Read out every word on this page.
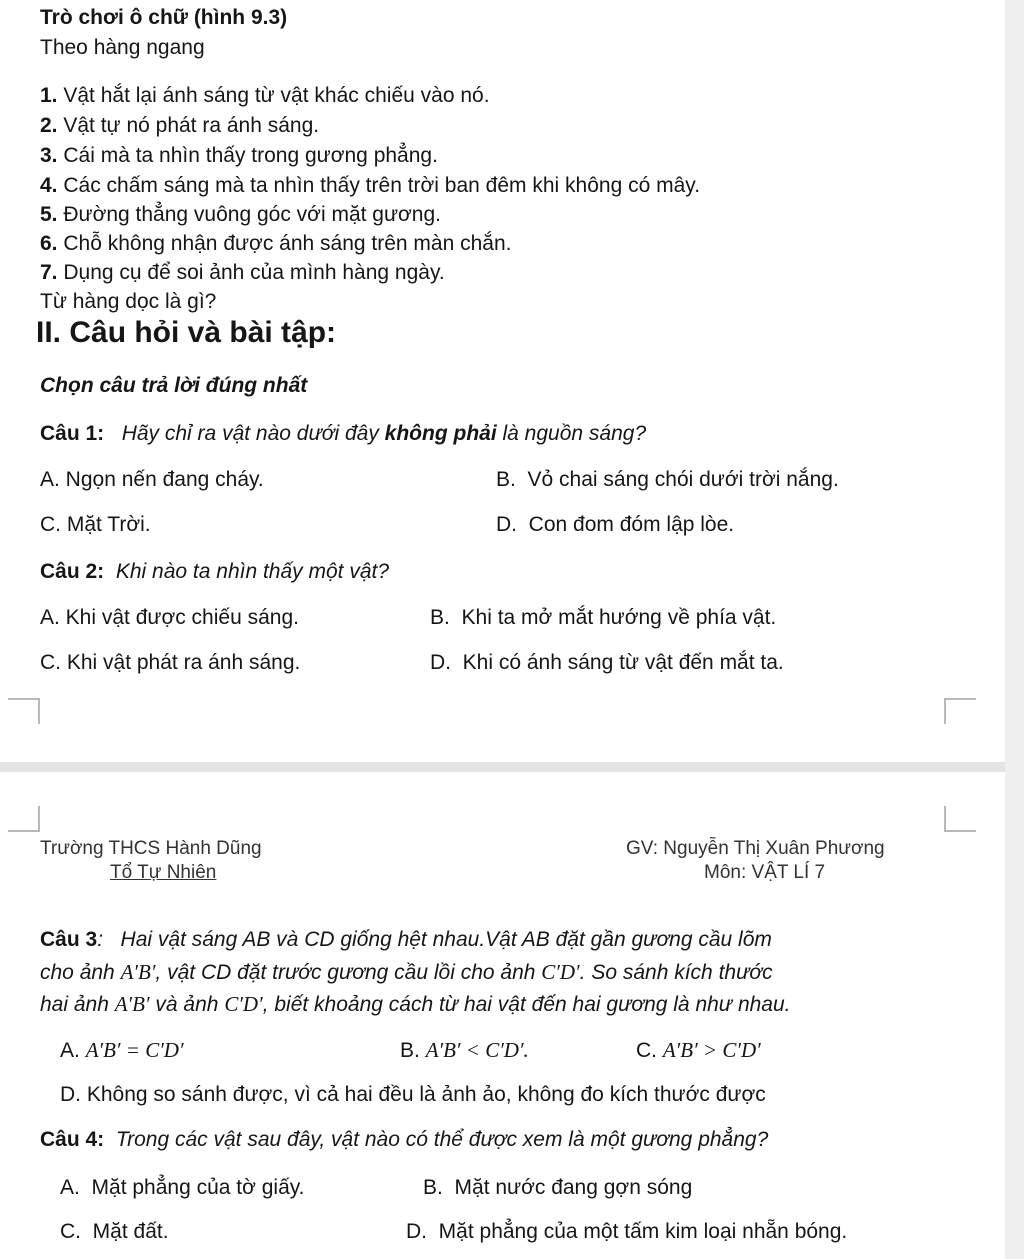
Trò chơi ô chữ (hình 9.3)
Theo hàng ngang
1. Vật hắt lại ánh sáng từ vật khác chiếu vào nó.
2. Vật tự nó phát ra ánh sáng.
3. Cái mà ta nhìn thấy trong gương phẳng.
4. Các chấm sáng mà ta nhìn thấy trên trời ban đêm khi không có mây.
5. Đường thẳng vuông góc với mặt gương.
6. Chỗ không nhận được ánh sáng trên màn chắn.
7. Dụng cụ để soi ảnh của mình hàng ngày.
Từ hàng dọc là gì?
II. Câu hỏi và bài tập:
Chọn câu trả lời đúng nhất
Câu 1: Hãy chỉ ra vật nào dưới đây không phải là nguồn sáng?
A. Ngọn nến đang cháy.	B. Vỏ chai sáng chói dưới trời nắng.
C. Mặt Trời.	D. Con đom đóm lập lòe.
Câu 2: Khi nào ta nhìn thấy một vật?
A. Khi vật được chiếu sáng.	B. Khi ta mở mắt hướng về phía vật.
C. Khi vật phát ra ánh sáng.	D. Khi có ánh sáng từ vật đến mắt ta.
Trường THCS Hành Dũng
Tổ Tự Nhiên
GV: Nguyễn Thị Xuân Phương
Môn: VẬT LÍ 7
Câu 3: Hai vật sáng AB và CD giống hệt nhau.Vật AB đặt gần gương cầu lõm
cho ảnh A′B′, vật CD đặt trước gương cầu lồi cho ảnh C′D′. So sánh kích thước
hai ảnh A′B′ và ảnh C′D′, biết khoảng cách từ hai vật đến hai gương là như nhau.
A. A′B′ = C′D′	B. A′B′ < C′D′.	C. A′B′ > C′D′
D. Không so sánh được, vì cả hai đều là ảnh ảo, không đo kích thước được
Câu 4: Trong các vật sau đây, vật nào có thể được xem là một gương phẳng?
A. Mặt phẳng của tờ giấy.	B. Mặt nước đang gợn sóng
C. Mặt đất.	D. Mặt phẳng của một tấm kim loại nhẵn bóng.
